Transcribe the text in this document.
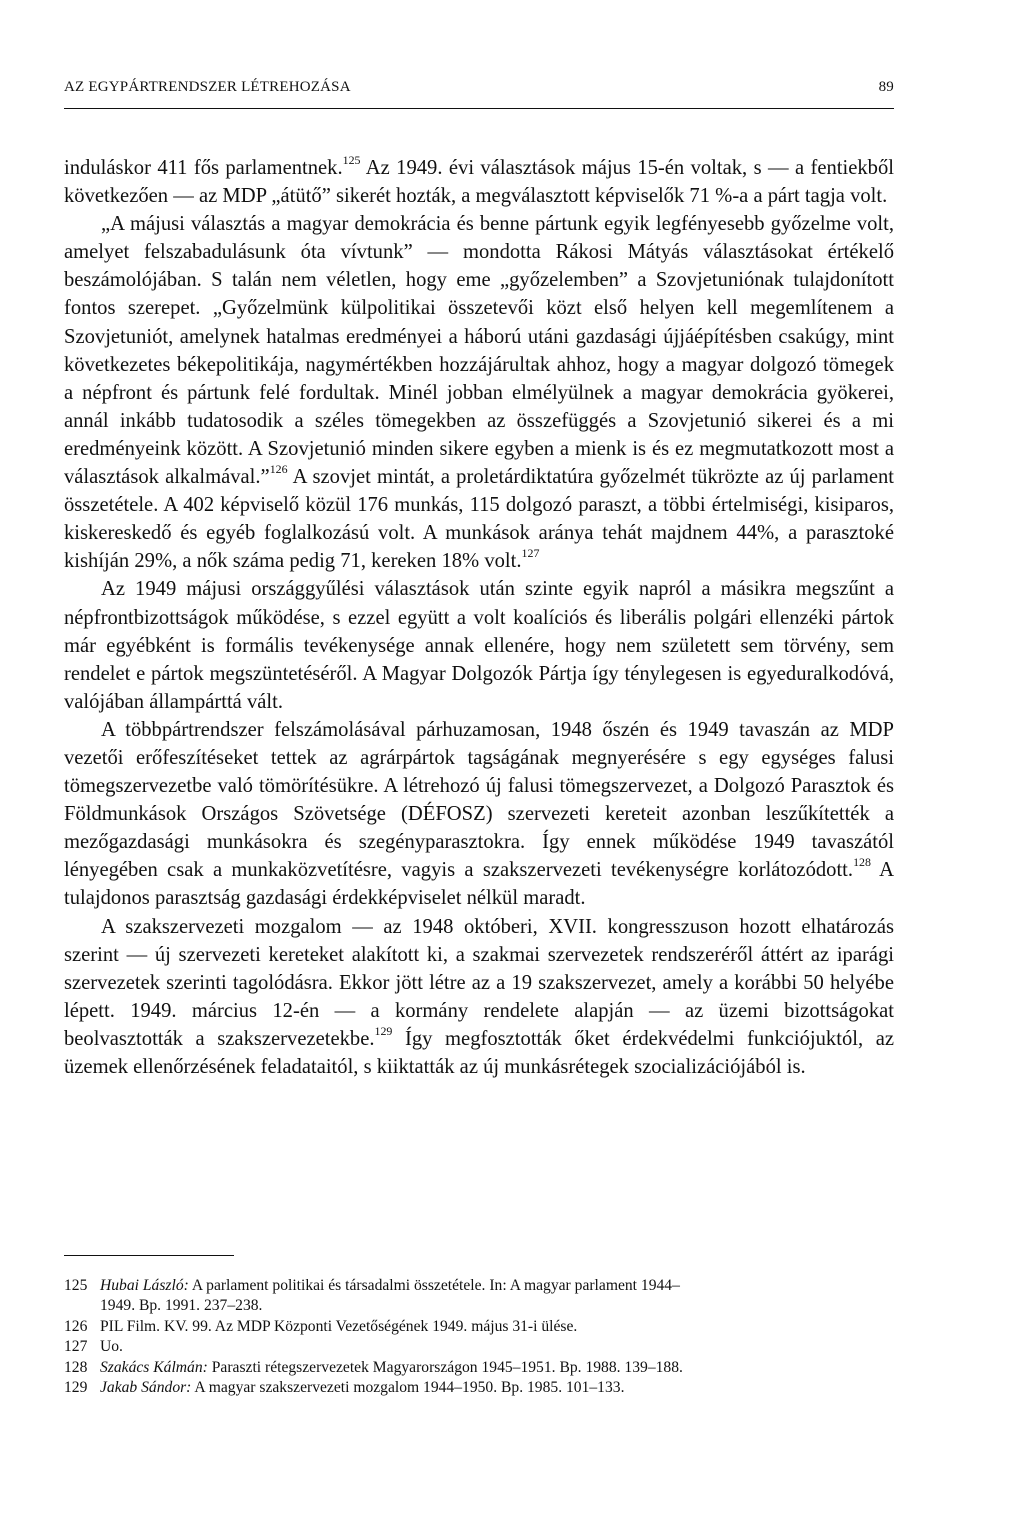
AZ EGYPÁRTRENDSZER LÉTREHOZÁSA	89

induláskor 411 fős parlamentnek.$^{125}$ Az 1949. évi választások május 15-én voltak, s — a fentiekből következően — az MDP „átütő” sikerét hozták, a megválasztott képviselők 71 %-a a párt tagja volt.

„A májusi választás a magyar demokrácia és benne pártunk egyik legfényesebb győzelme volt, amelyet felszabadulásunk óta vívtunk” — mondotta Rákosi Mátyás választásokat értékelő beszámolójában. S talán nem véletlen, hogy eme „győzelemben” a Szovjetuniónak tulajdonított fontos szerepet. „Győzelmünk külpolitikai összetevői közt első helyen kell megemlítenem a Szovjetuniót, amelynek hatalmas eredményei a háború utáni gazdasági újjáépítésben csakúgy, mint következetes békepolitikája, nagymértékben hozzájárultak ahhoz, hogy a magyar dolgozó tömegek a népfront és pártunk felé fordultak. Minél jobban elmélyülnek a magyar demokrácia gyökerei, annál inkább tudatosodik a széles tömegekben az összefüggés a Szovjetunió sikerei és a mi eredményeink között. A Szovjetunió minden sikere egyben a mienk is és ez megmutatkozott most a választások alkalmával.”$^{126}$ A szovjet mintát, a proletárdiktatúra győzelmét tükrözte az új parlament összetétele. A 402 képviselő közül 176 munkás, 115 dolgozó paraszt, a többi értelmiségi, kisiparos, kiskereskedő és egyéb foglalkozású volt. A munkások aránya tehát majdnem 44%, a parasztoké kishíján 29%, a nők száma pedig 71, kereken 18% volt.$^{127}$

Az 1949 májusi országgyűlési választások után szinte egyik napról a másikra megszűnt a népfrontbizottságok működése, s ezzel együtt a volt koalíciós és liberális polgári ellenzéki pártok már egyébként is formális tevékenysége annak ellenére, hogy nem született sem törvény, sem rendelet e pártok megszüntetéséről. A Magyar Dolgozók Pártja így ténylegesen is egyeduralkodóvá, valójában állampárttá vált.

A többpártrendszer felszámolásával párhuzamosan, 1948 őszén és 1949 tavaszán az MDP vezetői erőfeszítéseket tettek az agrárpártok tagságának megnyerésére s egy egységes falusi tömegszervezetbe való tömörítésükre. A létrehozó új falusi tömegszervezet, a Dolgozó Parasztok és Földmunkások Országos Szövetsége (DÉFOSZ) szervezeti kereteit azonban leszűkítették a mezőgazdasági munkásokra és szegényparasztokra. Így ennek működése 1949 tavaszától lényegében csak a munkaközvetítésre, vagyis a szakszervezeti tevékenységre korlátozódott.$^{128}$ A tulajdonos parasztság gazdasági érdekképviselet nélkül maradt.

A szakszervezeti mozgalom — az 1948 októberi, XVII. kongresszuson hozott elhatározás szerint — új szervezeti kereteket alakított ki, a szakmai szervezetek rendszeréről áttért az iparági szervezetek szerinti tagolódásra. Ekkor jött létre az a 19 szakszervezet, amely a korábbi 50 helyébe lépett. 1949. március 12-én — a kormány rendelete alapján — az üzemi bizottságokat beolvasztották a szakszervezetekbe.$^{129}$ Így megfosztották őket érdekvédelmi funkciójuktól, az üzemek ellenőrzésének feladataitól, s kiiktatták az új munkásrétegek szocializációjából is.

125 Hubai László: A parlament politikai és társadalmi összetétele. In: A magyar parlament 1944–
1949. Bp. 1991. 237–238.
126 PIL Film. KV. 99. Az MDP Központi Vezetőségének 1949. május 31-i ülése.
127 Uo.
128 Szakács Kálmán: Paraszti rétegszervezetek Magyarországon 1945–1951. Bp. 1988. 139–188.
129 Jakab Sándor: A magyar szakszervezeti mozgalom 1944–1950. Bp. 1985. 101–133.
